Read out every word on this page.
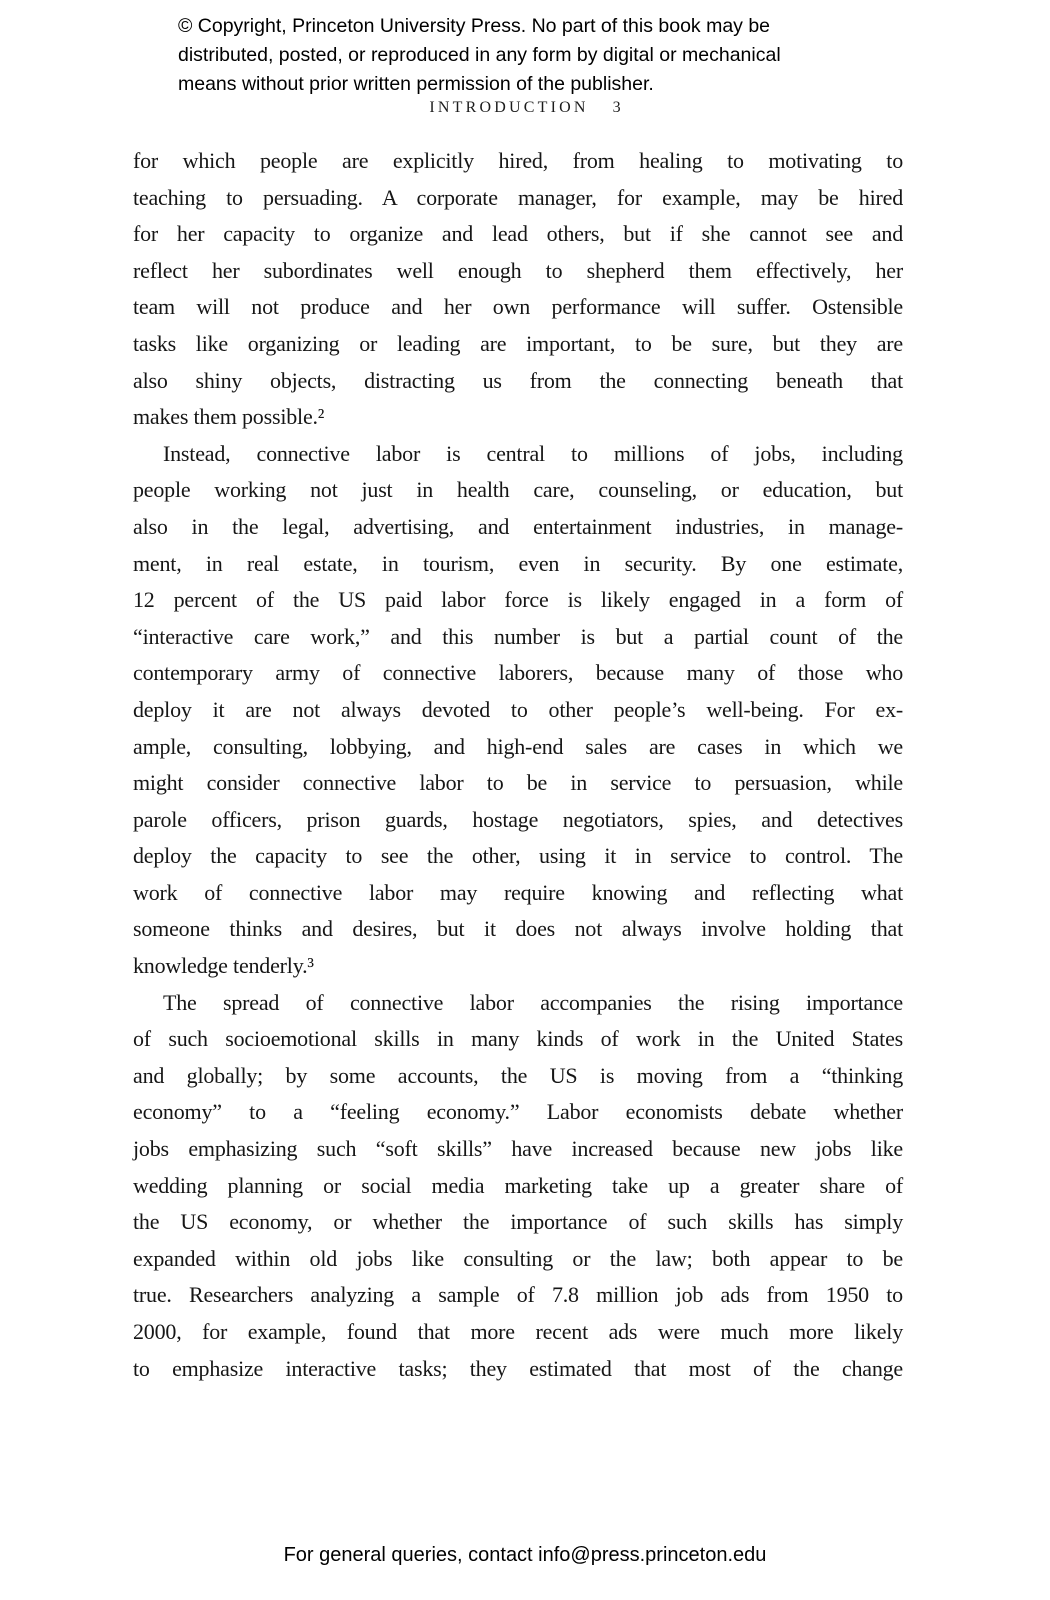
© Copyright, Princeton University Press. No part of this book may be
distributed, posted, or reproduced in any form by digital or mechanical
means without prior written permission of the publisher.
INTRODUCTION 3
for which people are explicitly hired, from healing to motivating to
teaching to persuading. A corporate manager, for example, may be hired
for her capacity to organize and lead others, but if she cannot see and
reflect her subordinates well enough to shepherd them effectively, her
team will not produce and her own performance will suffer. Ostensible
tasks like organizing or leading are important, to be sure, but they are
also shiny objects, distracting us from the connecting beneath that
makes them possible.²
Instead, connective labor is central to millions of jobs, including
people working not just in health care, counseling, or education, but
also in the legal, advertising, and entertainment industries, in manage-
ment, in real estate, in tourism, even in security. By one estimate,
12 percent of the US paid labor force is likely engaged in a form of
“interactive care work,” and this number is but a partial count of the
contemporary army of connective laborers, because many of those who
deploy it are not always devoted to other people’s well-being. For ex-
ample, consulting, lobbying, and high-end sales are cases in which we
might consider connective labor to be in service to persuasion, while
parole officers, prison guards, hostage negotiators, spies, and detectives
deploy the capacity to see the other, using it in service to control. The
work of connective labor may require knowing and reflecting what
someone thinks and desires, but it does not always involve holding that
knowledge tenderly.³
The spread of connective labor accompanies the rising importance
of such socioemotional skills in many kinds of work in the United States
and globally; by some accounts, the US is moving from a “thinking
economy” to a “feeling economy.” Labor economists debate whether
jobs emphasizing such “soft skills” have increased because new jobs like
wedding planning or social media marketing take up a greater share of
the US economy, or whether the importance of such skills has simply
expanded within old jobs like consulting or the law; both appear to be
true. Researchers analyzing a sample of 7.8 million job ads from 1950 to
2000, for example, found that more recent ads were much more likely
to emphasize interactive tasks; they estimated that most of the change
For general queries, contact info@press.princeton.edu
